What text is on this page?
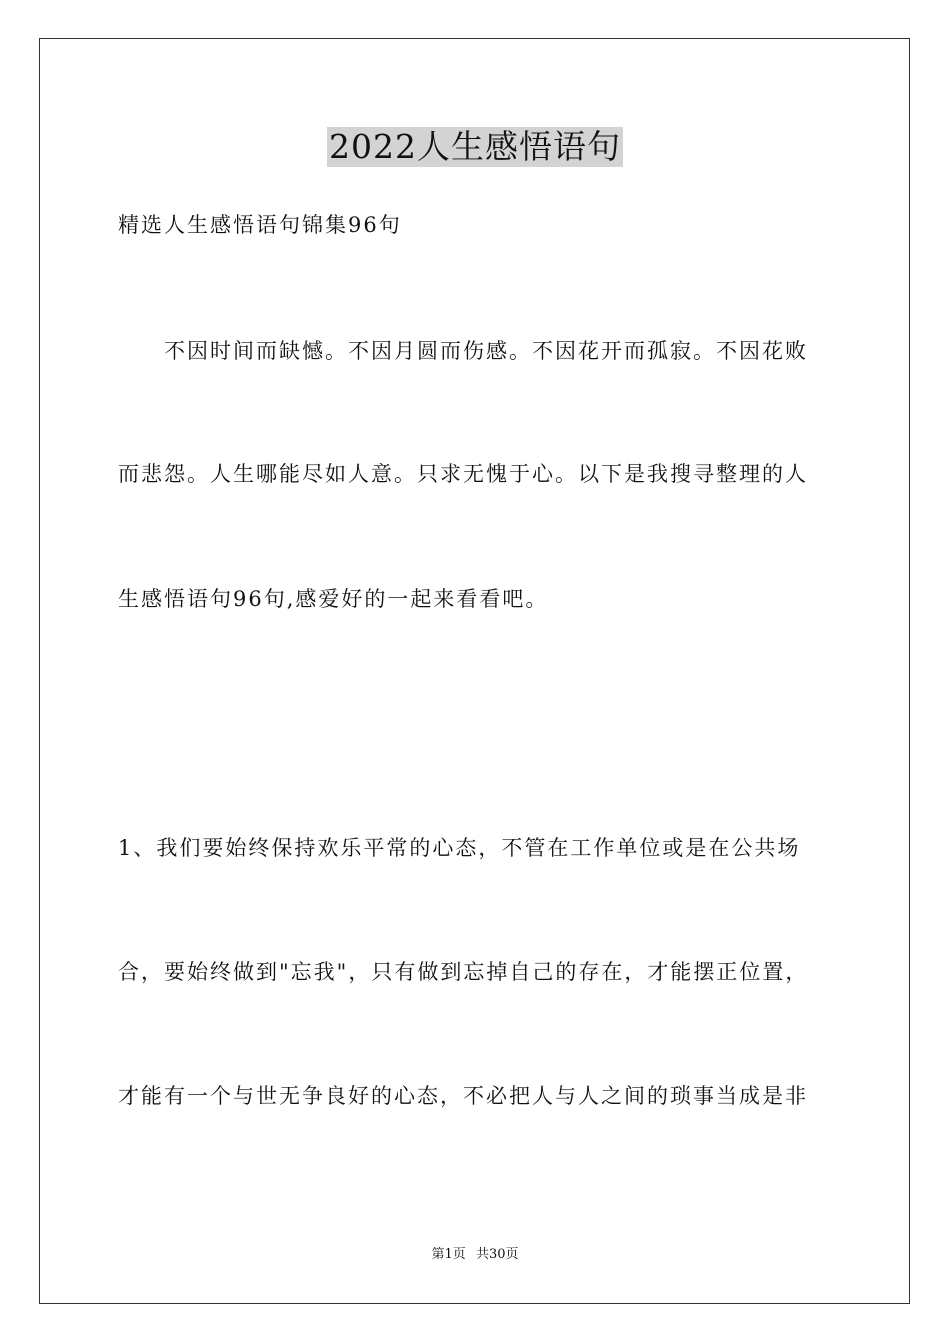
2022人生感悟语句
精选人生感悟语句锦集96句
不因时间而缺憾。不因月圆而伤感。不因花开而孤寂。不因花败
而悲怨。人生哪能尽如人意。只求无愧于心。以下是我搜寻整理的人
生感悟语句96句,感爱好的一起来看看吧。
1、我们要始终保持欢乐平常的心态，不管在工作单位或是在公共场
合，要始终做到"忘我"，只有做到忘掉自己的存在，才能摆正位置，
才能有一个与世无争良好的心态，不必把人与人之间的琐事当成是非
第1页 共30页
